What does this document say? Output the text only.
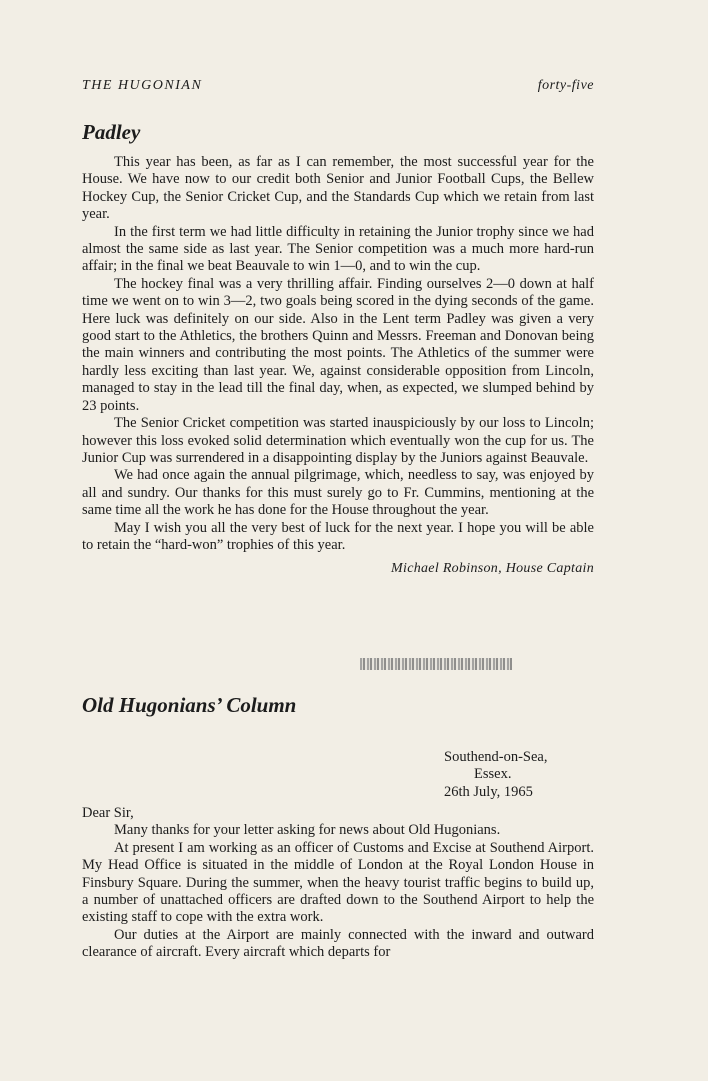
THE HUGONIAN	forty-five
Padley

This year has been, as far as I can remember, the most successful year for the House. We have now to our credit both Senior and Junior Football Cups, the Bellew Hockey Cup, the Senior Cricket Cup, and the Standards Cup which we retain from last year.

In the first term we had little difficulty in retaining the Junior trophy since we had almost the same side as last year. The Senior competition was a much more hard-run affair; in the final we beat Beauvale to win 1—0, and to win the cup.

The hockey final was a very thrilling affair. Finding ourselves 2—0 down at half time we went on to win 3—2, two goals being scored in the dying seconds of the game. Here luck was definitely on our side. Also in the Lent term Padley was given a very good start to the Athletics, the brothers Quinn and Messrs. Freeman and Donovan being the main winners and contributing the most points. The Athletics of the summer were hardly less exciting than last year. We, against considerable opposition from Lincoln, managed to stay in the lead till the final day, when, as expected, we slumped behind by 23 points.

The Senior Cricket competition was started inauspiciously by our loss to Lincoln; however this loss evoked solid determination which eventually won the cup for us. The Junior Cup was surrendered in a disappointing display by the Juniors against Beauvale.

We had once again the annual pilgrimage, which, needless to say, was enjoyed by all and sundry. Our thanks for this must surely go to Fr. Cummins, mentioning at the same time all the work he has done for the House throughout the year.

May I wish you all the very best of luck for the next year. I hope you will be able to retain the “hard-won” trophies of this year.

Michael Robinson, House Captain
Old Hugonians’ Column
Southend-on-Sea,
Essex.
26th July, 1965
Dear Sir,

Many thanks for your letter asking for news about Old Hugonians.

At present I am working as an officer of Customs and Excise at Southend Airport. My Head Office is situated in the middle of London at the Royal London House in Finsbury Square. During the summer, when the heavy tourist traffic begins to build up, a number of unattached officers are drafted down to the Southend Airport to help the existing staff to cope with the extra work.

Our duties at the Airport are mainly connected with the inward and outward clearance of aircraft. Every aircraft which departs for
